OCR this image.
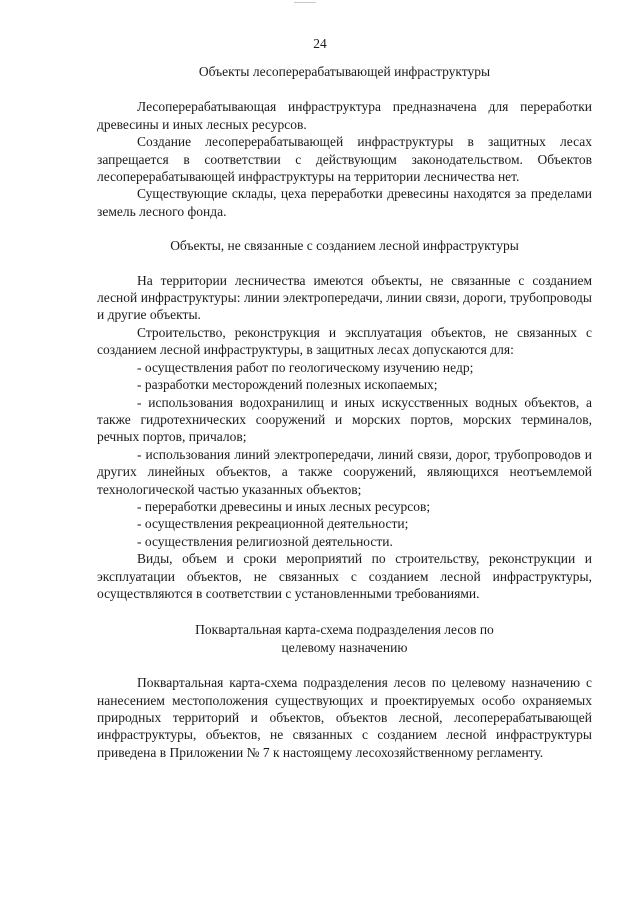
24

Объекты лесоперерабатывающей инфраструктуры

Лесоперерабатывающая инфраструктура предназначена для переработки древесины и иных лесных ресурсов.

Создание лесоперерабатывающей инфраструктуры в защитных лесах запрещается в соответствии с действующим законодательством. Объектов лесоперерабатывающей инфраструктуры на территории лесничества нет.

Существующие склады, цеха переработки древесины находятся за пределами земель лесного фонда.

Объекты, не связанные с созданием лесной инфраструктуры

На территории лесничества имеются объекты, не связанные с созданием лесной инфраструктуры: линии электропередачи, линии связи, дороги, трубопроводы и другие объекты.

Строительство, реконструкция и эксплуатация объектов, не связанных с созданием лесной инфраструктуры, в защитных лесах допускаются для:

- осуществления работ по геологическому изучению недр;

- разработки месторождений полезных ископаемых;

- использования водохранилищ и иных искусственных водных объектов, а также гидротехнических сооружений и морских портов, морских терминалов, речных портов, причалов;

- использования линий электропередачи, линий связи, дорог, трубопроводов и других линейных объектов, а также сооружений, являющихся неотъемлемой технологической частью указанных объектов;

- переработки древесины и иных лесных ресурсов;

- осуществления рекреационной деятельности;

- осуществления религиозной деятельности.

Виды, объем и сроки мероприятий по строительству, реконструкции и эксплуатации объектов, не связанных с созданием лесной инфраструктуры, осуществляются в соответствии с установленными требованиями.

Поквартальная карта-схема подразделения лесов по
целевому назначению

Поквартальная карта-схема подразделения лесов по целевому назначению с нанесением местоположения существующих и проектируемых особо охраняемых природных территорий и объектов, объектов лесной, лесоперерабатывающей инфраструктуры, объектов, не связанных с созданием лесной инфраструктуры приведена в Приложении № 7 к настоящему лесохозяйственному регламенту.
